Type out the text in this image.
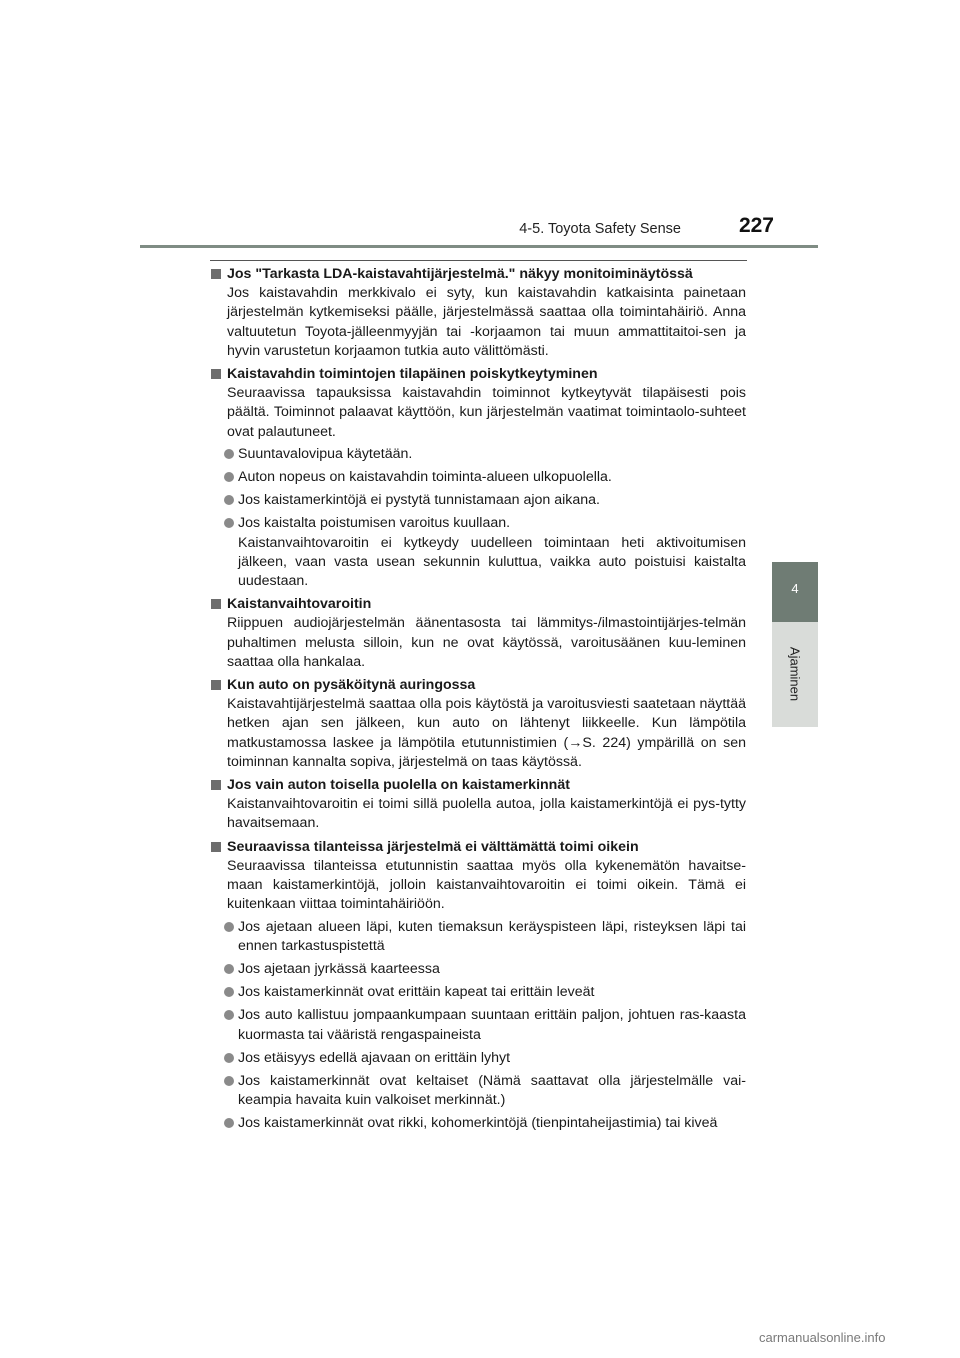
4-5. Toyota Safety Sense	227
4
Ajaminen
Jos "Tarkasta LDA-kaistavahtijärjestelmä." näkyy monitoiminäytössä
Jos kaistavahdin merkkivalo ei syty, kun kaistavahdin katkaisinta painetaan järjestelmän kytkemiseksi päälle, järjestelmässä saattaa olla toimintahäiriö. Anna valtuutetun Toyota-jälleenmyyjän tai -korjaamon tai muun ammattitaitoi-sen ja hyvin varustetun korjaamon tutkia auto välittömästi.
Kaistavahdin toimintojen tilapäinen poiskytkeytyminen
Seuraavissa tapauksissa kaistavahdin toiminnot kytkeytyvät tilapäisesti pois päältä. Toiminnot palaavat käyttöön, kun järjestelmän vaatimat toimintaolo-suhteet ovat palautuneet.
Suuntavalovipua käytetään.
Auton nopeus on kaistavahdin toiminta-alueen ulkopuolella.
Jos kaistamerkintöjä ei pystytä tunnistamaan ajon aikana.
Jos kaistalta poistumisen varoitus kuullaan.
Kaistanvaihtovaroitin ei kytkeydy uudelleen toimintaan heti aktivoitumisen jälkeen, vaan vasta usean sekunnin kuluttua, vaikka auto poistuisi kaistalta uudestaan.
Kaistanvaihtovaroitin
Riippuen audiojärjestelmän äänentasosta tai lämmitys-/ilmastointijärjes-telmän puhaltimen melusta silloin, kun ne ovat käytössä, varoitusäänen kuu-leminen saattaa olla hankalaa.
Kun auto on pysäköitynä auringossa
Kaistavahtijärjestelmä saattaa olla pois käytöstä ja varoitusviesti saatetaan näyttää hetken ajan sen jälkeen, kun auto on lähtenyt liikkeelle. Kun lämpötila matkustamossa laskee ja lämpötila etutunnistimien (→S. 224) ympärillä on sen toiminnan kannalta sopiva, järjestelmä on taas käytössä.
Jos vain auton toisella puolella on kaistamerkinnät
Kaistanvaihtovaroitin ei toimi sillä puolella autoa, jolla kaistamerkintöjä ei pys-tytty havaitsemaan.
Seuraavissa tilanteissa järjestelmä ei välttämättä toimi oikein
Seuraavissa tilanteissa etutunnistin saattaa myös olla kykenemätön havaitse-maan kaistamerkintöjä, jolloin kaistanvaihtovaroitin ei toimi oikein. Tämä ei kuitenkaan viittaa toimintahäiriöön.
Jos ajetaan alueen läpi, kuten tiemaksun keräyspisteen läpi, risteyksen läpi tai ennen tarkastuspistettä
Jos ajetaan jyrkässä kaarteessa
Jos kaistamerkinnät ovat erittäin kapeat tai erittäin leveät
Jos auto kallistuu jompaankumpaan suuntaan erittäin paljon, johtuen ras-kaasta kuormasta tai vääristä rengaspaineista
Jos etäisyys edellä ajavaan on erittäin lyhyt
Jos kaistamerkinnät ovat keltaiset (Nämä saattavat olla järjestelmälle vai-keampia havaita kuin valkoiset merkinnät.)
Jos kaistamerkinnät ovat rikki, kohomerkintöjä (tienpintaheijastimia) tai kiveä
carmanualsonline.info
